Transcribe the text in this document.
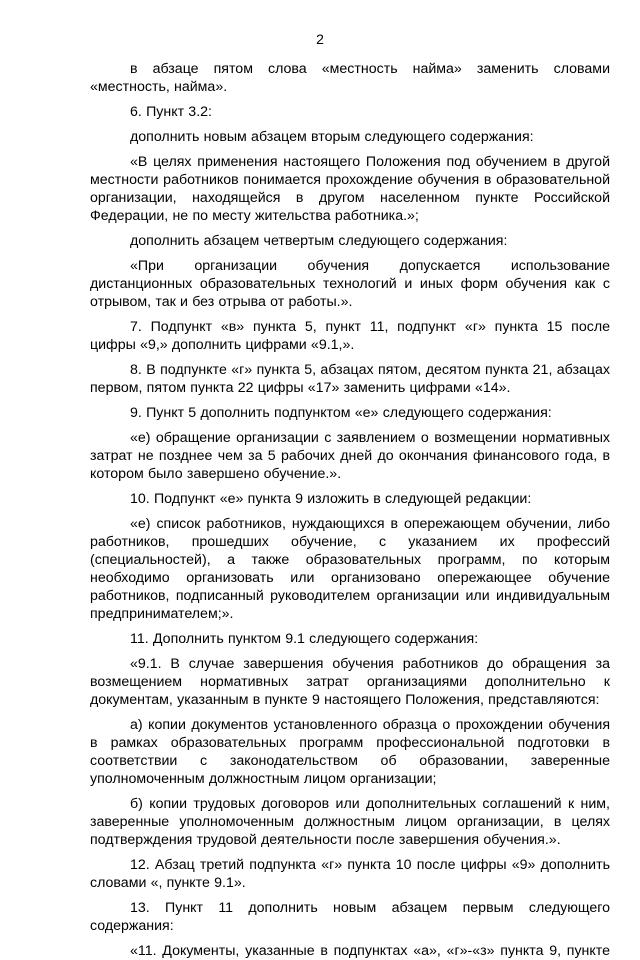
2

в абзаце пятом слова «местность найма» заменить словами «местность, найма».

6. Пункт 3.2:

дополнить новым абзацем вторым следующего содержания:

«В целях применения настоящего Положения под обучением в другой местности работников понимается прохождение обучения в образовательной организации, находящейся в другом населенном пункте Российской Федерации, не по месту жительства работника.»;

дополнить абзацем четвертым следующего содержания:

«При организации обучения допускается использование дистанционных образовательных технологий и иных форм обучения как с отрывом, так и без отрыва от работы.».

7. Подпункт «в» пункта 5, пункт 11, подпункт «г» пункта 15 после цифры «9,» дополнить цифрами «9.1,».

8. В подпункте «г» пункта 5, абзацах пятом, десятом пункта 21, абзацах первом, пятом пункта 22 цифры «17» заменить цифрами «14».

9. Пункт 5 дополнить подпунктом «е» следующего содержания:

«е) обращение организации с заявлением о возмещении нормативных затрат не позднее чем за 5 рабочих дней до окончания финансового года, в котором было завершено обучение.».

10. Подпункт «е» пункта 9 изложить в следующей редакции:

«е) список работников, нуждающихся в опережающем обучении, либо работников, прошедших обучение, с указанием их профессий (специальностей), а также образовательных программ, по которым необходимо организовать или организовано опережающее обучение работников, подписанный руководителем организации или индивидуальным предпринимателем;».

11. Дополнить пунктом 9.1 следующего содержания:

«9.1. В случае завершения обучения работников до обращения за возмещением нормативных затрат организациями дополнительно к документам, указанным в пункте 9 настоящего Положения, представляются:

а) копии документов установленного образца о прохождении обучения в рамках образовательных программ профессиональной подготовки в соответствии с законодательством об образовании, заверенные уполномоченным должностным лицом организации;

б) копии трудовых договоров или дополнительных соглашений к ним, заверенные уполномоченным должностным лицом организации, в целях подтверждения трудовой деятельности после завершения обучения.».

12. Абзац третий подпункта «г» пункта 10 после цифры «9» дополнить словами «, пункте 9.1».

13. Пункт 11 дополнить новым абзацем первым следующего содержания:

«11. Документы, указанные в подпунктах «а», «г»-«з» пункта 9, пункте
